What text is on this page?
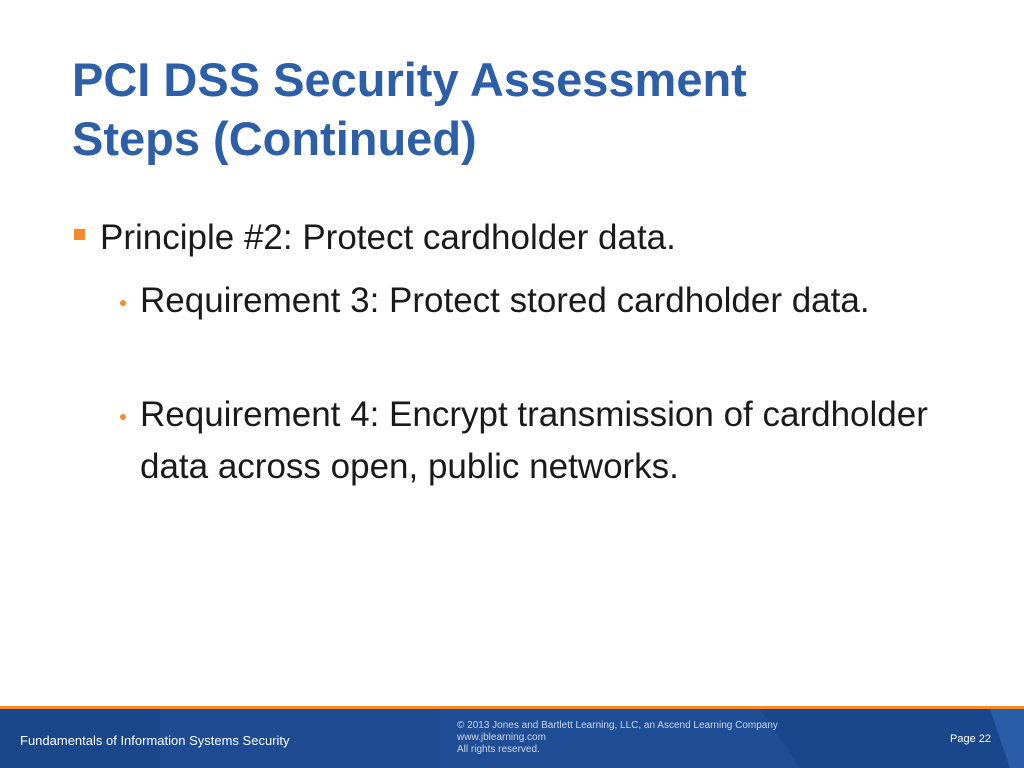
PCI DSS Security Assessment
Steps (Continued)
Principle #2: Protect cardholder data.
Requirement 3: Protect stored cardholder data.
Requirement 4: Encrypt transmission of cardholder data across open, public networks.
Fundamentals of Information Systems Security
© 2013 Jones and Bartlett Learning, LLC, an Ascend Learning Company
www.jblearning.com
All rights reserved.
Page 22
